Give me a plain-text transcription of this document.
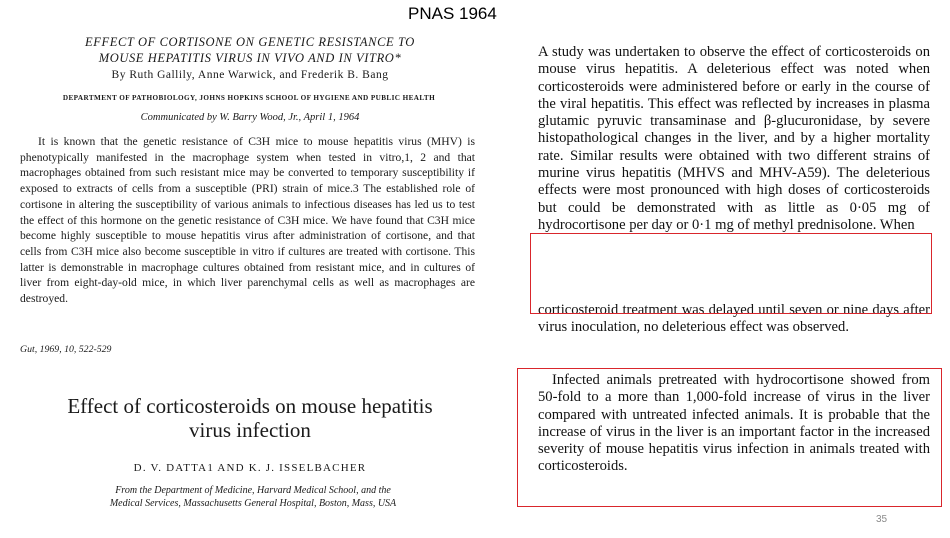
PNAS 1964
EFFECT OF CORTISONE ON GENETIC RESISTANCE TO
MOUSE HEPATITIS VIRUS IN VIVO AND IN VITRO*
By Ruth Gallily, Anne Warwick, and Frederik B. Bang
DEPARTMENT OF PATHOBIOLOGY, JOHNS HOPKINS SCHOOL OF HYGIENE AND PUBLIC HEALTH
Communicated by W. Barry Wood, Jr., April 1, 1964
It is known that the genetic resistance of C3H mice to mouse hepatitis virus (MHV) is phenotypically manifested in the macrophage system when tested in vitro,1, 2 and that macrophages obtained from such resistant mice may be converted to temporary susceptibility if exposed to extracts of cells from a susceptible (PRI) strain of mice.3 The established role of cortisone in altering the susceptibility of various animals to infectious diseases has led us to test the effect of this hormone on the genetic resistance of C3H mice. We have found that C3H mice become highly susceptible to mouse hepatitis virus after administration of cortisone, and that cells from C3H mice also become susceptible in vitro if cultures are treated with cortisone. This latter is demonstrable in macrophage cultures obtained from resistant mice, and in cultures of liver from eight-day-old mice, in which liver parenchymal cells as well as macrophages are destroyed.
Gut, 1969, 10, 522-529
Effect of corticosteroids on mouse hepatitis
virus infection
D. V. DATTA1 AND K. J. ISSELBACHER
From the Department of Medicine, Harvard Medical School, and the
Medical Services, Massachusetts General Hospital, Boston, Mass, USA
A study was undertaken to observe the effect of corticosteroids on mouse virus hepatitis. A deleterious effect was noted when corticosteroids were administered before or early in the course of the viral hepatitis. This effect was reflected by increases in plasma glutamic pyruvic transaminase and β-glucuronidase, by severe histopathological changes in the liver, and by a higher mortality rate. Similar results were obtained with two different strains of murine virus hepatitis (MHVS and MHV-A59). The deleterious effects were most pronounced with high doses of corticosteroids but could be demonstrated with as little as 0·05 mg of hydrocortisone per day or 0·1 mg of methyl prednisolone. When
corticosteroid treatment was delayed until seven or nine days after virus inoculation, no deleterious effect was observed.
Infected animals pretreated with hydrocortisone showed from 50-fold to a more than 1,000-fold increase of virus in the liver compared with untreated infected animals. It is probable that the increase of virus in the liver is an important factor in the increased severity of mouse hepatitis virus infection in animals treated with corticosteroids.
35
